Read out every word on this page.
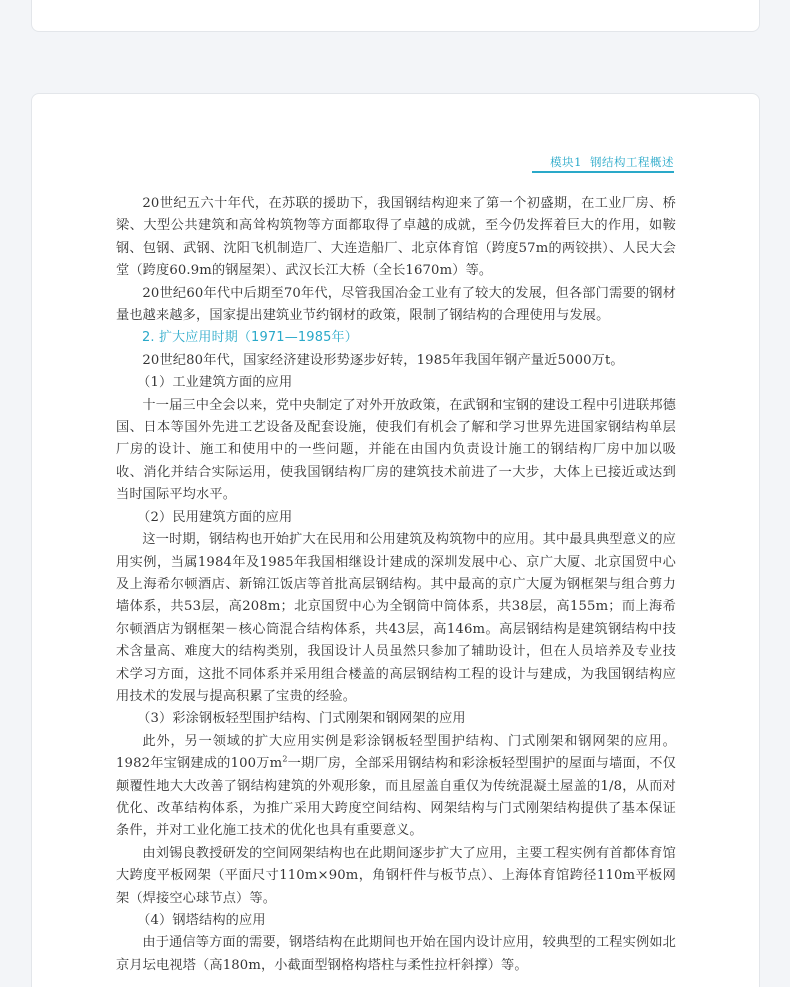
模块1 钢结构工程概述

20世纪五六十年代，在苏联的援助下，我国钢结构迎来了第一个初盛期，在工业厂房、桥梁、大型公共建筑和高耸构筑物等方面都取得了卓越的成就，至今仍发挥着巨大的作用，如鞍钢、包钢、武钢、沈阳飞机制造厂、大连造船厂、北京体育馆（跨度57m的两铰拱）、人民大会堂（跨度60.9m的钢屋架）、武汉长江大桥（全长1670m）等。

20世纪60年代中后期至70年代，尽管我国冶金工业有了较大的发展，但各部门需要的钢材量也越来越多，国家提出建筑业节约钢材的政策，限制了钢结构的合理使用与发展。

2. 扩大应用时期（1971—1985年）

20世纪80年代，国家经济建设形势逐步好转，1985年我国年钢产量近5000万t。

（1）工业建筑方面的应用

十一届三中全会以来，党中央制定了对外开放政策，在武钢和宝钢的建设工程中引进联邦德国、日本等国外先进工艺设备及配套设施，使我们有机会了解和学习世界先进国家钢结构单层厂房的设计、施工和使用中的一些问题，并能在由国内负责设计施工的钢结构厂房中加以吸收、消化并结合实际运用，使我国钢结构厂房的建筑技术前进了一大步，大体上已接近或达到当时国际平均水平。

（2）民用建筑方面的应用

这一时期，钢结构也开始扩大在民用和公用建筑及构筑物中的应用。其中最具典型意义的应用实例，当属1984年及1985年我国相继设计建成的深圳发展中心、京广大厦、北京国贸中心及上海希尔顿酒店、新锦江饭店等首批高层钢结构。其中最高的京广大厦为钢框架与组合剪力墙体系，共53层，高208m；北京国贸中心为全钢筒中筒体系，共38层，高155m；而上海希尔顿酒店为钢框架－核心筒混合结构体系，共43层，高146m。高层钢结构是建筑钢结构中技术含量高、难度大的结构类别，我国设计人员虽然只参加了辅助设计，但在人员培养及专业技术学习方面，这批不同体系并采用组合楼盖的高层钢结构工程的设计与建成，为我国钢结构应用技术的发展与提高积累了宝贵的经验。

（3）彩涂钢板轻型围护结构、门式刚架和钢网架的应用

此外，另一领域的扩大应用实例是彩涂钢板轻型围护结构、门式刚架和钢网架的应用。1982年宝钢建成的100万$m^2$一期厂房，全部采用钢结构和彩涂板轻型围护的屋面与墙面，不仅颠覆性地大大改善了钢结构建筑的外观形象，而且屋盖自重仅为传统混凝土屋盖的1/8，从而对优化、改革结构体系，为推广采用大跨度空间结构、网架结构与门式刚架结构提供了基本保证条件，并对工业化施工技术的优化也具有重要意义。

由刘锡良教授研发的空间网架结构也在此期间逐步扩大了应用，主要工程实例有首都体育馆大跨度平板网架（平面尺寸110m×90m，角钢杆件与板节点）、上海体育馆跨径110m平板网架（焊接空心球节点）等。

（4）钢塔结构的应用

由于通信等方面的需要，钢塔结构在此期间也开始在国内设计应用，较典型的工程实例如北京月坛电视塔（高180m，小截面型钢格构塔柱与柔性拉杆斜撑）等。
